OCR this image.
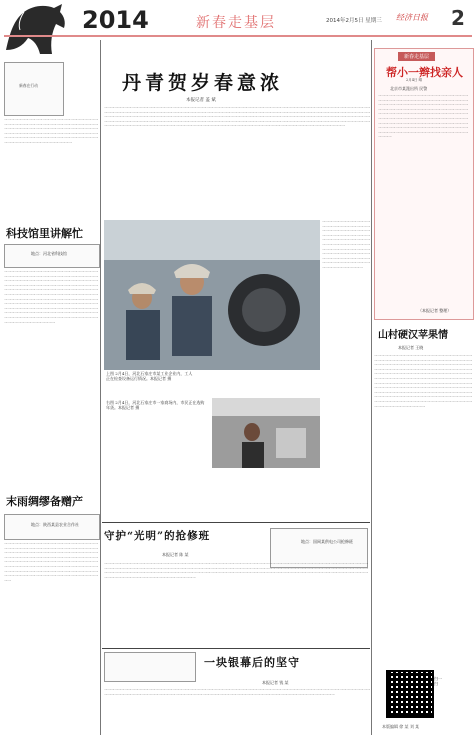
2014	新春走基层	2014年2月5日 星期三 经济日报 2
丹青贺岁春意浓
本报记者 盖 斌
新春在行动
一一一一一一一一一一一一一一一一一一一一一一一一一一一一一一一一一一一一一一一一一一一一一一一一一一一一一一一一一一一一一一一一一一一一一一一一一一一一一一一一一一一一一一一一一一一一一一一一一一一一一一一一一一一一一一一一一一一一一一一一一一一一一一一一一一一一一一一一一一一一一一一一一一一一一一一一一一一
科技馆里讲解忙
地点：河北省科技馆
一一一一一一一一一一一一一一一一一一一一一一一一一一一一一一一一一一一一一一一一一一一一一一一一一一一一一一一一一一一一一一一一一一一一一一一一一一一一一一一一一一一一一一一一一一一一一一一一一一一一一一一一一一一一一一一一一一一一一一一一一一一一一一一一一一一一一一一一一一一一一一一一一一一一一一一一一一一一一一一一一一一一一一一一一一一一一一一一一一一一一一一一一一一一一一一一一一一一一一一一一一一一一一一一一一一一一一一一一一一一一一一一一一一一一一一一一一一一一一一一一一一一一一一一一一一一一一一一一一一一一一一一一一一一一一一一一一一一一一一一一一一一一一一一一一一一一一一一一一一一一一一一一一一一一一一一
末雨绸缪备赠产
地点：陕西某县农业合作社
一一一一一一一一一一一一一一一一一一一一一一一一一一一一一一一一一一一一一一一一一一一一一一一一一一一一一一一一一一一一一一一一一一一一一一一一一一一一一一一一一一一一一一一一一一一一一一一一一一一一一一一一一一一一一一一一一一一一一一一一一一一一一一一一一一一一一一一一一一一一一一一一一一一一一一一一一一一一一一一一一一一一一一一一一一一一一一一一一一一一一一一一一一一一一一一一一一一一一一一一一一一一一一一一一一一一一一一一一一
一一一一一一一一一一一一一一一一一一一一一一一一一一一一一一一一一一一一一一一一一一一一一一一一一一一一一一一一一一一一一一一一一一一一一一一一一一一一一一一一一一一一一一一一一一一一一一一一一一一一一一一一一一一一一一一一一一一一一一一一一一一一一一一一一一一一一一一一一一一一一一一一一一一一一一一一一一一一一一一一一一一一一一一一一一一一一一一一一一一一一一一一一一一一一一一一一一一一一一一一一一一一一一一一一一一一一一一一一一一一一一一一一一一一一一一一一一一一一一一一一一一一一一一一一一一一一一一一一一一一一一一一一一一一一一一一一一一一一一一一一一一一一一一一一一一一一一一一一一一一一一一一一一一一一一一一一一一一一一一一一一一一一一一一一一一一一一一一一一一一一一一一一一一一一一一一一一一一一一一一一一一一一一一一一一一一一一一一一一一一一一一
上图 2月4日，河北石家庄市某工业企业内，工人正在检查设备运行情况。本报记者 摄
右图 2月4日，河北石家庄市一家商场内，市民正在选购年货。本报记者 摄
一一一一一一一一一一一一一一一一一一一一一一一一一一一一一一一一一一一一一一一一一一一一一一一一一一一一一一一一一一一一一一一一一一一一一一一一一一一一一一一一一一一一一一一一一一一一一一一一一一一一一一一一一一一一一一一一一一一一一一一一一一一一一一一一一一一一一一一一一一一一一一一一一一一一一一一一
新春走基层
帮小一辫找亲人
2月4日 晴
北京市某派出所 民警
一一一一一一一一一一一一一一一一一一一一一一一一一一一一一一一一一一一一一一一一一一一一一一一一一一一一一一一一一一一一一一一一一一一一一一一一一一一一一一一一一一一一一一一一一一一一一一一一一一一一一一一一一一一一一一一一一一一一一一一一一一一一一一一一一一一一一一一一一一一一一一一一一一一一一一一一一一一一一一一一一一一一一一一一一一一一一一一一一一一一一一一一一一一一一一一一一一一一一一一一一一一一一一一一一一一一一一一一一一一一一一一一一一一一一一一一一一一一一一
（本报记者 整理）
山村硬汉苹果情
本报记者 王晓
一一一一一一一一一一一一一一一一一一一一一一一一一一一一一一一一一一一一一一一一一一一一一一一一一一一一一一一一一一一一一一一一一一一一一一一一一一一一一一一一一一一一一一一一一一一一一一一一一一一一一一一一一一一一一一一一一一一一一一一一一一一一一一一一一一一一一一一一一一一一一一一一一一一一一一一一一一一一一一一一一一一一一一一一一一一一一一一一一一一一一一一一一一一一一一一一一一一一一一一一一一一一一一一一一一一一一一一一一一一一一一一一一一一一一一一一一一一一一一一一一一一一一一一一一一一一一一一一一一一一一一一一一一一一一一一一一一一一一一一一一一一一一一一一一一一一一一一一一一一一一一一一一一一一一一一一一一一一一一一一一一一
守护“光明”的抢修班
本报记者 陈 某
地点：国网某供电公司抢修班
一一一一一一一一一一一一一一一一一一一一一一一一一一一一一一一一一一一一一一一一一一一一一一一一一一一一一一一一一一一一一一一一一一一一一一一一一一一一一一一一一一一一一一一一一一一一一一一一一一一一一一一一一一一一一一一一一一一一一一一一一一一一一一一一一一一一一一一一一一一一一一一一一一一一一一一一一一一一一一一一一一一一一一一一一一一一一一一一一一一一一一一一一一一一一一一一一一一一一一一一一一一一一一一一一一一一一一一一一一一一一一一一一一一一一一一一一一一一一一一一一一一一一一一一一一一一一一一一一一
一块银幕后的坚守
本报记者 钱 某
一一一一一一一一一一一一一一一一一一一一一一一一一一一一一一一一一一一一一一一一一一一一一一一一一一一一一一一一一一一一一一一一一一一一一一一一一一一一一一一一一一一一一一一一一一一一一一一一一一一一一一一一一一一一一一一一一一一一一一一一一一一一一一一一一一一一一一一一一一一一一一一一一一
扫一扫
本版编辑 徐 某 刘 某
